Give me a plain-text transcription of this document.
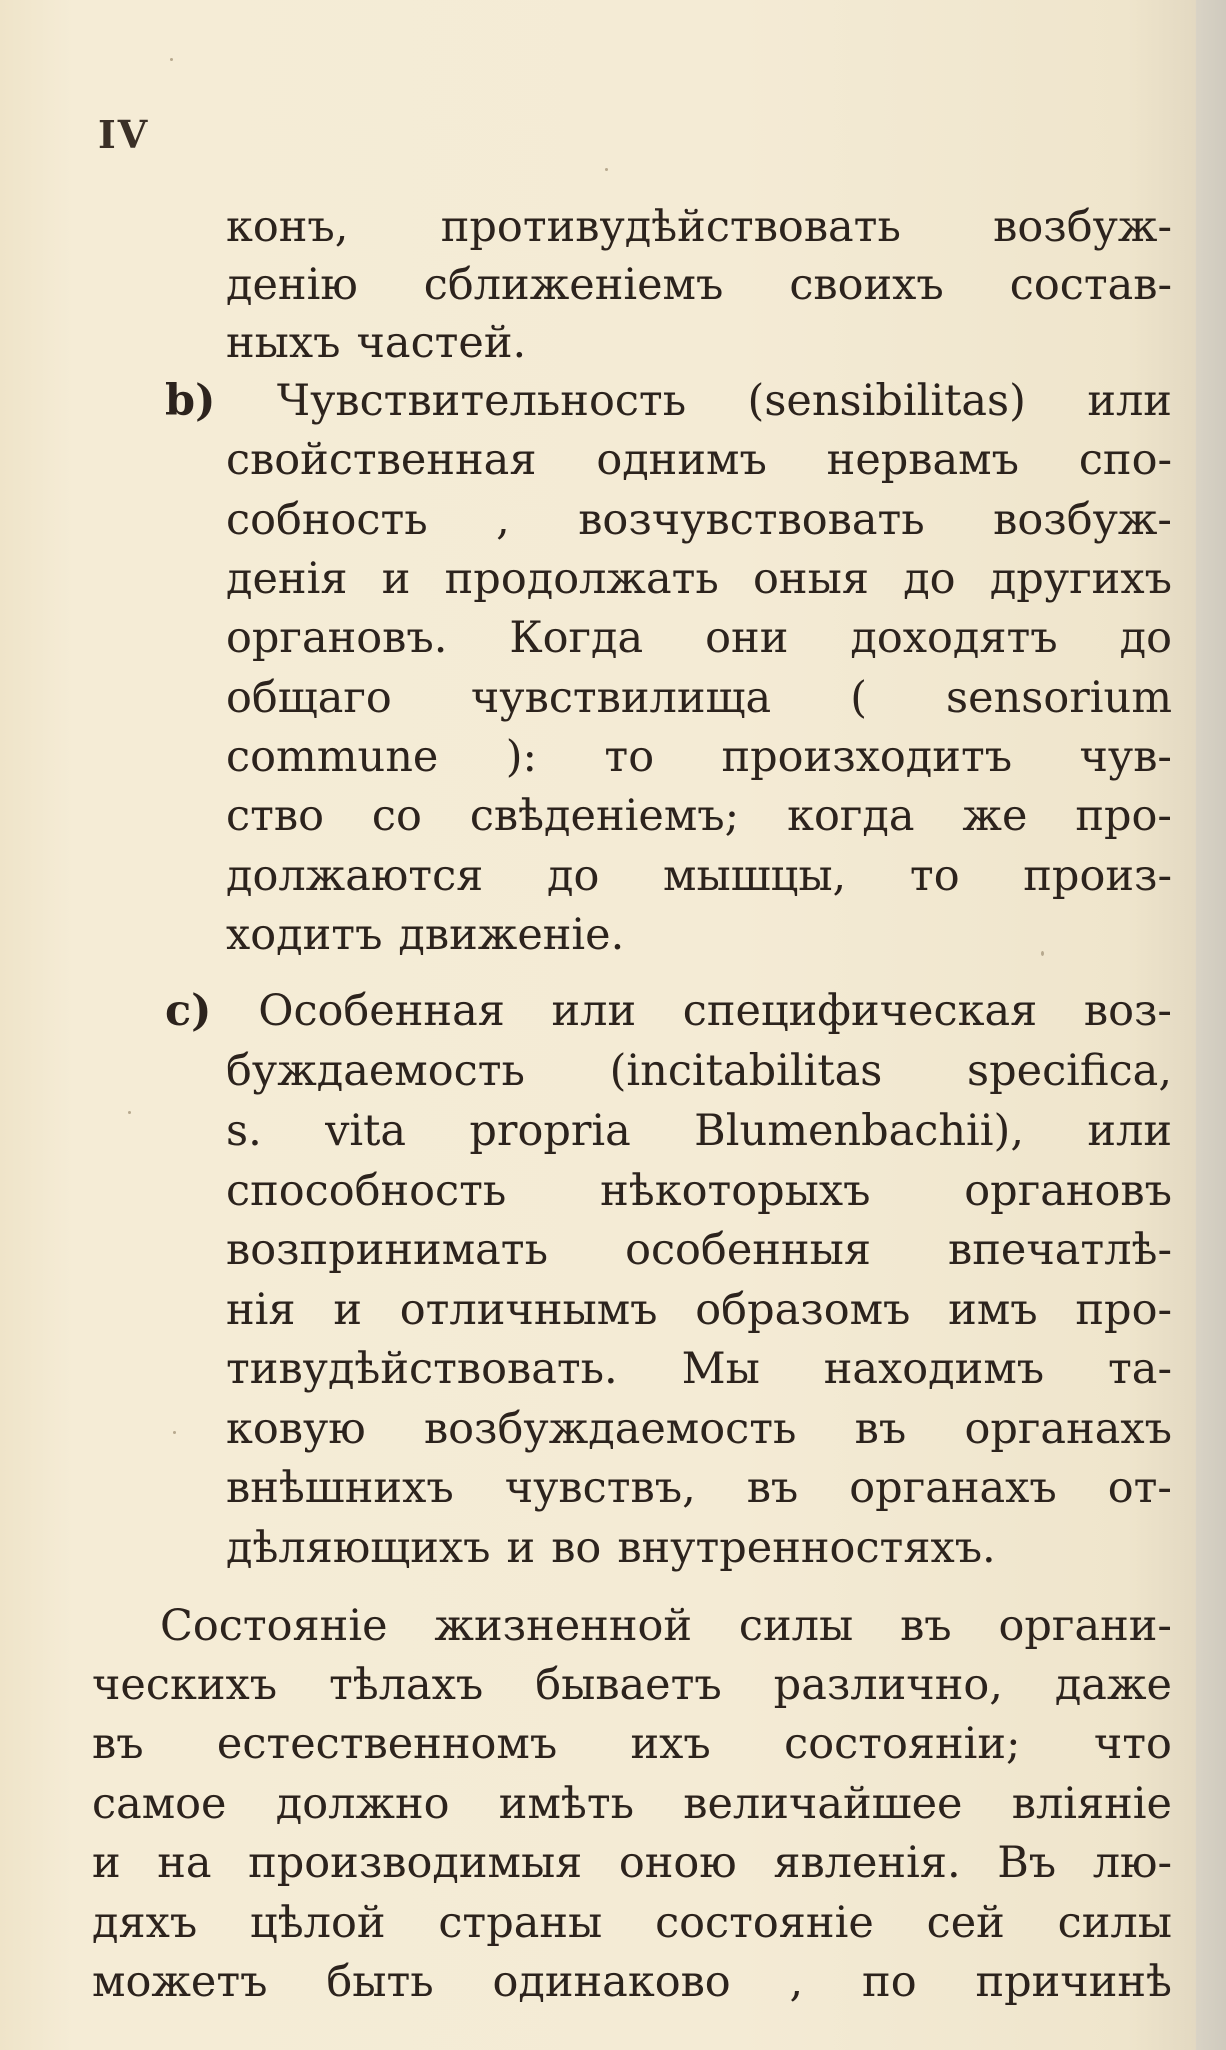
IV
конъ, противудѣйствовать возбуж-
денію сближеніемъ своихъ состав-
ныхъ частей.
b) Чувствительность (sensibilitas) или
свойственная однимъ нервамъ спо-
собность , возчувствовать возбуж-
денія и продолжать оныя до другихъ
органовъ. Когда они доходятъ до
общаго чувствилища ( sensorium
commune ): то произходитъ чув-
ство со свѣденіемъ; когда же про-
должаются до мышцы, то произ-
ходитъ движеніе.
c) Особенная или специфическая воз-
буждаемость (incitabilitas specifica,
s. vita propria Blumenbachii), или
способность нѣкоторыхъ органовъ
возпринимать особенныя впечатлѣ-
нія и отличнымъ образомъ имъ про-
тивудѣйствовать. Мы находимъ та-
ковую возбуждаемость въ органахъ
внѣшнихъ чувствъ, въ органахъ от-
дѣляющихъ и во внутренностяхъ.
Состояніе жизненной силы въ органи-
ческихъ тѣлахъ бываетъ различно, даже
въ естественномъ ихъ состояніи; что
самое должно имѣть величайшее вліяніе
и на производимыя оною явленія. Въ лю-
дяхъ цѣлой страны состояніе сей силы
можетъ быть одинаково , по причинѣ
